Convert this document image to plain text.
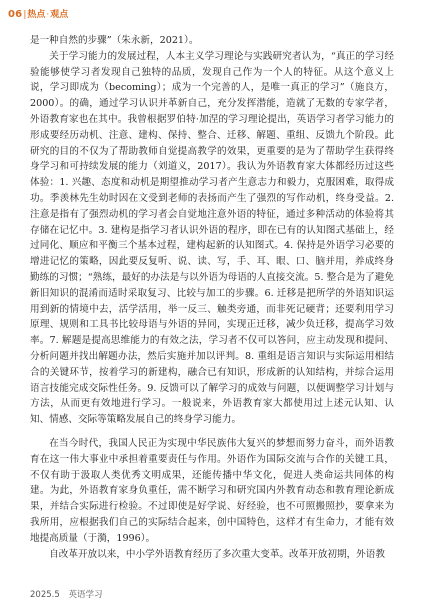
06 | 热点 · 观点

是一种自然的步骤”（朱永新，2021）。

关于学习能力的发展过程，人本主义学习理论与实践研究者认为，“真正的学习经验能够使学习者发现自己独特的品质，发现自己作为一个人的特征。从这个意义上说，学习即成为（becoming）；成为一个完善的人，是唯一真正的学习”（施良方，2000）。的确，通过学习认识并革新自己，充分发挥潜能，造就了无数的专家学者，外语教育家也在其中。我曾根据罗伯特·加涅的学习理论提出，英语学习者学习能力的形成要经历动机、注意、建构、保持、整合、迁移、解题、重组、反馈九个阶段。此研究的目的不仅为了帮助教师自觉提高教学的效果，更重要的是为了帮助学生获得终身学习和可持续发展的能力（刘道义，2017）。我认为外语教育家大体都经历过这些体验：1. 兴趣、态度和动机是期望推动学习者产生意志力和毅力，克服困难，取得成功。季羡林先生幼时因在文受到老师的表扬而产生了强烈的写作动机，终身受益。2. 注意是指有了强烈动机的学习者会自觉地注意外语的特征，通过多种活动的体验将其存储在记忆中。3. 建构是指学习者认识外语的程序，即在已有的认知图式基础上，经过同化、顺应和平衡三个基本过程，建构起新的认知图式。4. 保持是外语学习必要的增进记忆的策略，因此要反复听、说、读、写，手、耳、眼、口、脑并用，养成终身勤练的习惯；“熟练，最好的办法是与以外语为母语的人直接交流。5. 整合是为了避免新旧知识的混淆而适时采取复习、比较与加工的步骤。6. 迁移是把所学的外语知识运用到新的情境中去，活学活用，举一反三、触类旁通，而非死记硬背；还要利用学习原理、规则和工具书比较母语与外语的异同，实现正迁移，减少负迁移，提高学习效率。7. 解题是提高思维能力的有效之法，学习者不仅可以答问，应主动发现和提问、分析问题并找出解题办法，然后实施并加以评判。8. 重组是语言知识与实际运用相结合的关键环节，按着学习的新建构，融合已有知识，形成新的认知结构，并综合运用语言技能完成交际性任务。9. 反馈可以了解学习的成效与问题，以便调整学习计划与方法，从而更有效地进行学习。一般说来，外语教育家大都使用过上述元认知、认知、情感、交际等策略发展自己的终身学习能力。

在当今时代，我国人民正为实现中华民族伟大复兴的梦想而努力奋斗，而外语教育在这一伟大事业中承担着重要责任与作用。外语作为国际交流与合作的关键工具，不仅有助于汲取人类优秀文明成果，还能传播中华文化，促进人类命运共同体的构建。为此，外语教育家身负重任，需不断学习和研究国内外教育动态和教育理论新成果，并结合实际进行检验。不过即使是好学说、好经验，也不可照搬照抄，要拿来为我所用，应根据我们自己的实际结合起来，创中国特色，这样才有生命力，才能有效地提高质量（于漪，1996）。

自改革开放以来，中小学外语教育经历了多次重大变革。改革开放初期，外语教

2025.5 英语学习
